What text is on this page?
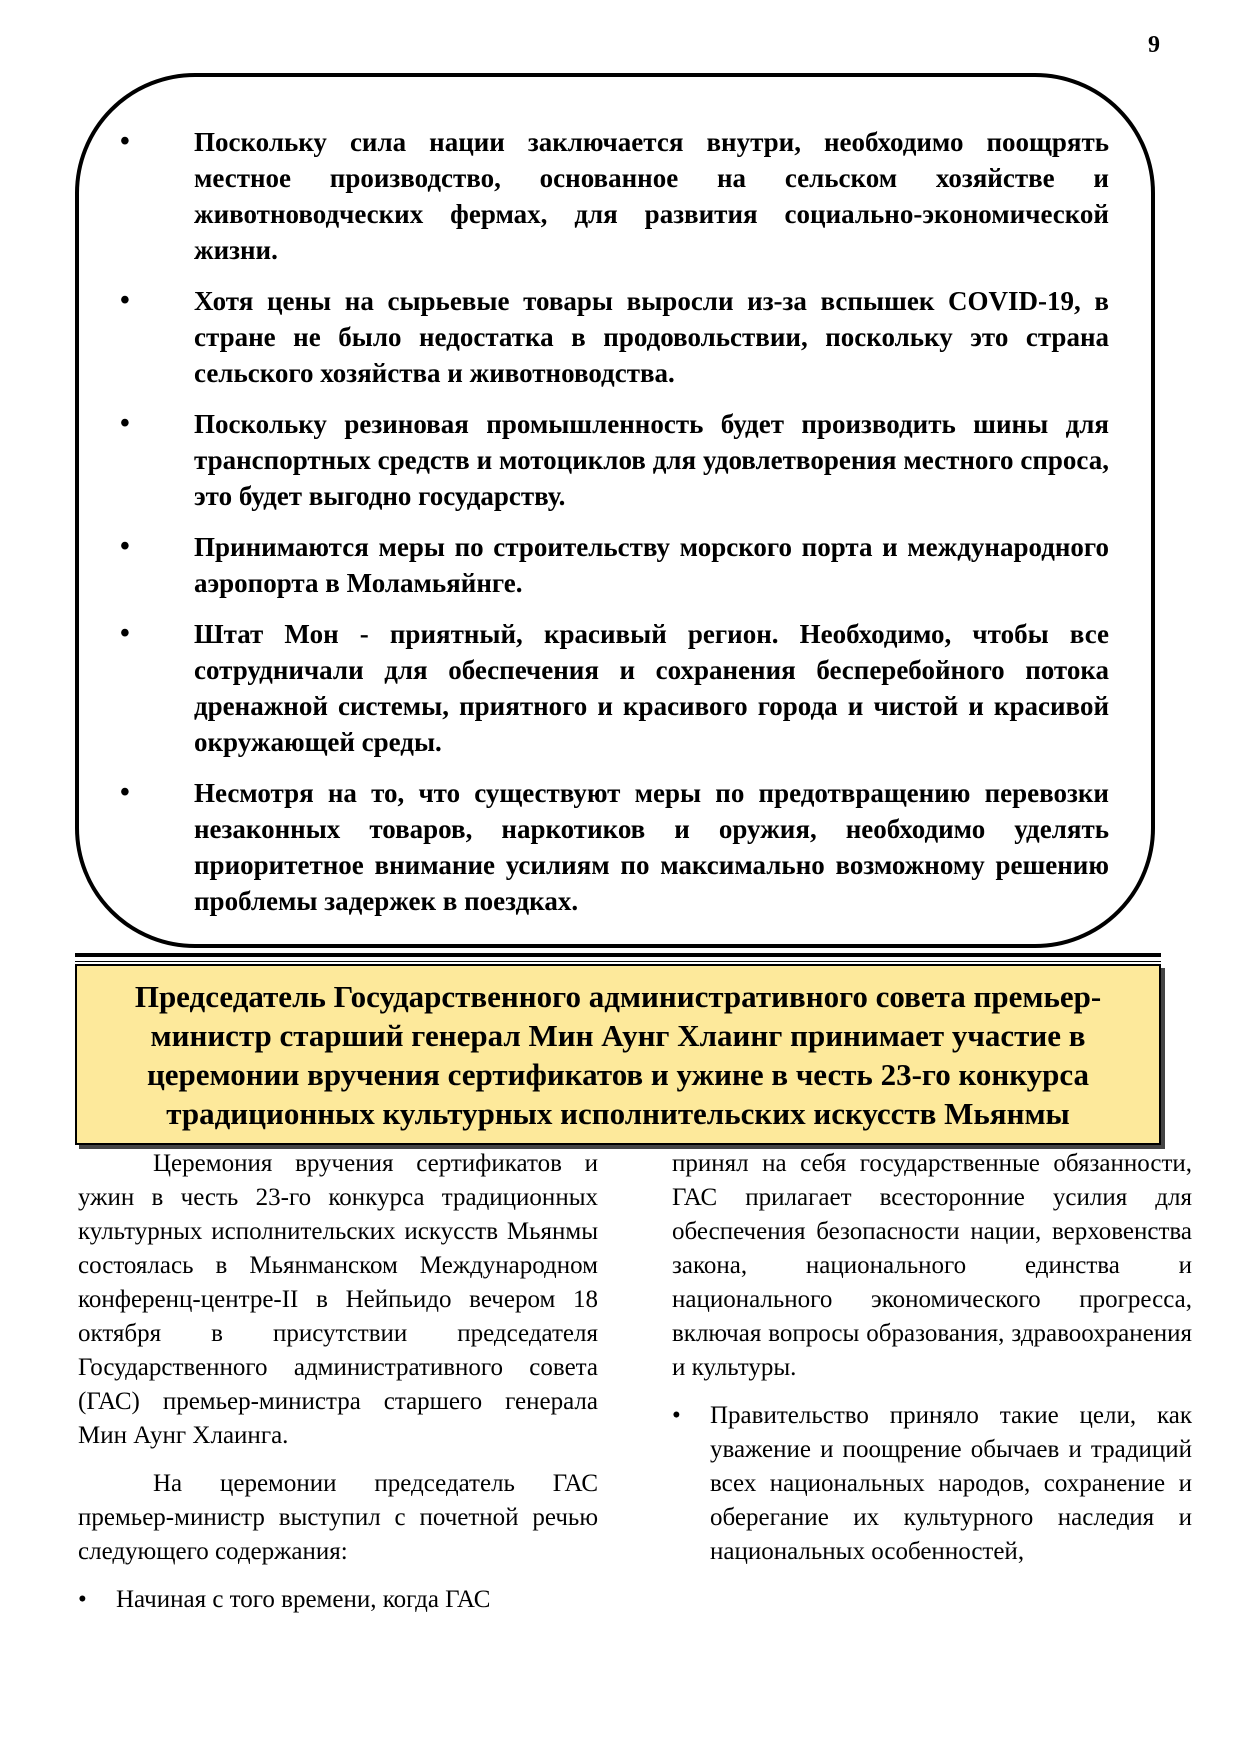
9
• Поскольку сила нации заключается внутри, необходимо поощрять местное производство, основанное на сельском хозяйстве и животноводческих фермах, для развития социально-экономической жизни.
• Хотя цены на сырьевые товары выросли из-за вспышек COVID-19, в стране не было недостатка в продовольствии, поскольку это страна сельского хозяйства и животноводства.
• Поскольку резиновая промышленность будет производить шины для транспортных средств и мотоциклов для удовлетворения местного спроса, это будет выгодно государству.
• Принимаются меры по строительству морского порта и международного аэропорта в Моламьяйнге.
• Штат Мон - приятный, красивый регион. Необходимо, чтобы все сотрудничали для обеспечения и сохранения бесперебойного потока дренажной системы, приятного и красивого города и чистой и красивой окружающей среды.
• Несмотря на то, что существуют меры по предотвращению перевозки незаконных товаров, наркотиков и оружия, необходимо уделять приоритетное внимание усилиям по максимально возможному решению проблемы задержек в поездках.
Председатель Государственного административного совета премьер-министр старший генерал Мин Аунг Хлаинг принимает участие в церемонии вручения сертификатов и ужине в честь 23-го конкурса традиционных культурных исполнительских искусств Мьянмы

Церемония вручения сертификатов и ужин в честь 23-го конкурса традиционных культурных исполнительских искусств Мьянмы состоялась в Мьянманском Международном конференц-центре-II в Нейпьидо вечером 18 октября в присутствии председателя Государственного административного совета (ГАС) премьер-министра старшего генерала Мин Аунг Хлаинга.

На церемонии председатель ГАС премьер-министр выступил с почетной речью следующего содержания:

• Начиная с того времени, когда ГАС

принял на себя государственные обязанности, ГАС прилагает всесторонние усилия для обеспечения безопасности нации, верховенства закона, национального единства и национального экономического прогресса, включая вопросы образования, здравоохранения и культуры.

• Правительство приняло такие цели, как уважение и поощрение обычаев и традиций всех национальных народов, сохранение и оберегание их культурного наследия и национальных особенностей,
